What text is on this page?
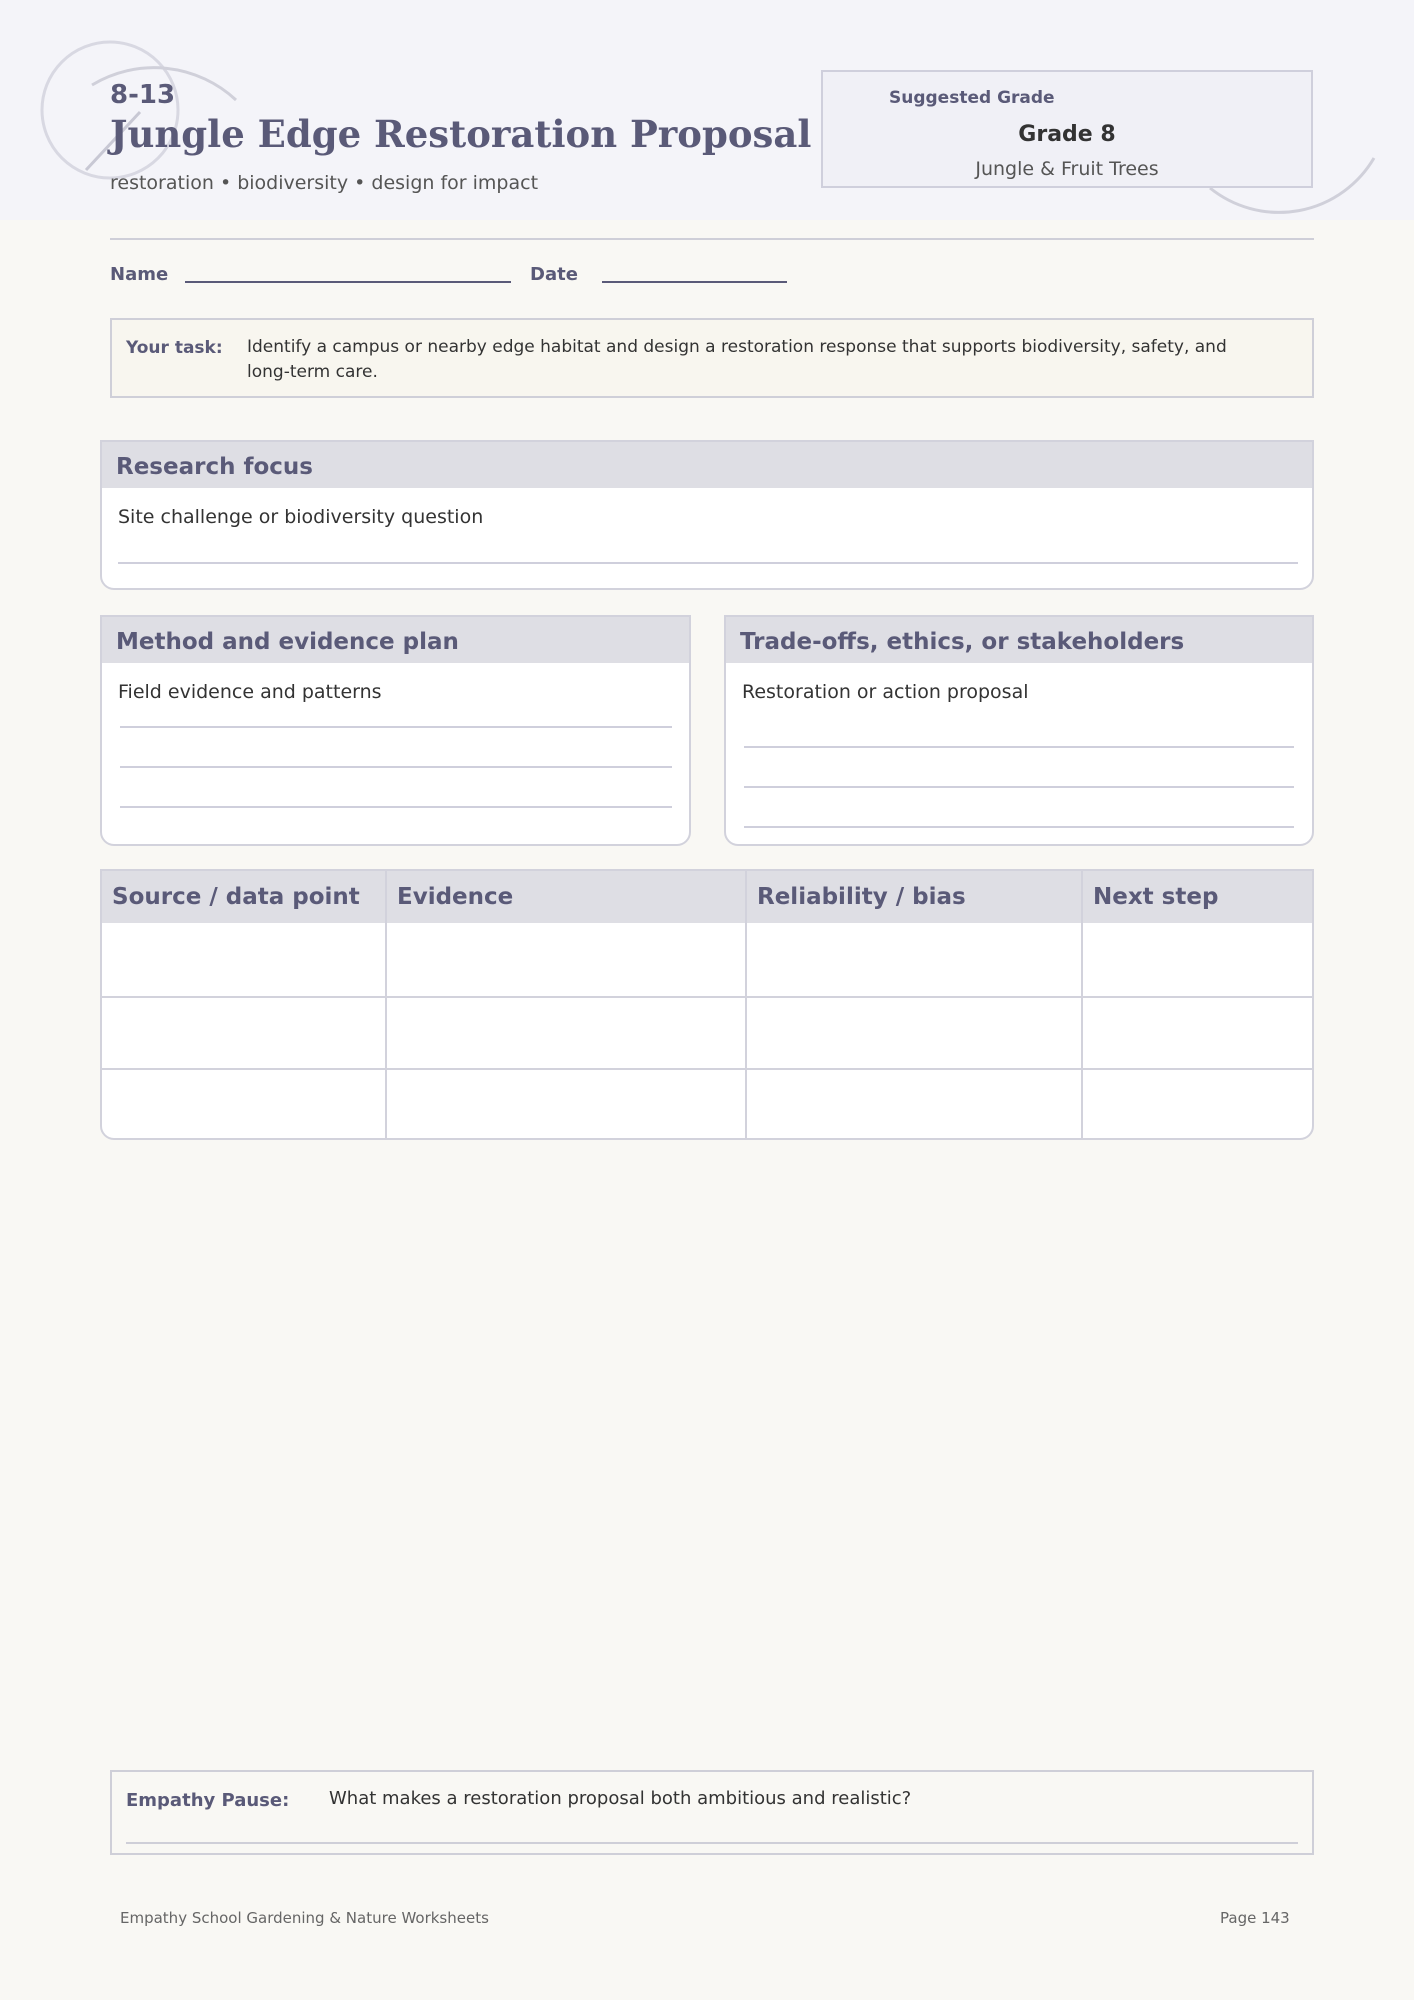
8-13
Jungle Edge Restoration Proposal
restoration • biodiversity • design for impact
Suggested Grade
Grade 8
Jungle & Fruit Trees
Name	Date
Your task: Identify a campus or nearby edge habitat and design a restoration response that supports biodiversity, safety, and long-term care.
Research focus
Site challenge or biodiversity question
Method and evidence plan
Field evidence and patterns
Trade-offs, ethics, or stakeholders
Restoration or action proposal
Source / data point	Evidence	Reliability / bias	Next step
Empathy Pause: What makes a restoration proposal both ambitious and realistic?
Empathy School Gardening & Nature Worksheets	Page 143
